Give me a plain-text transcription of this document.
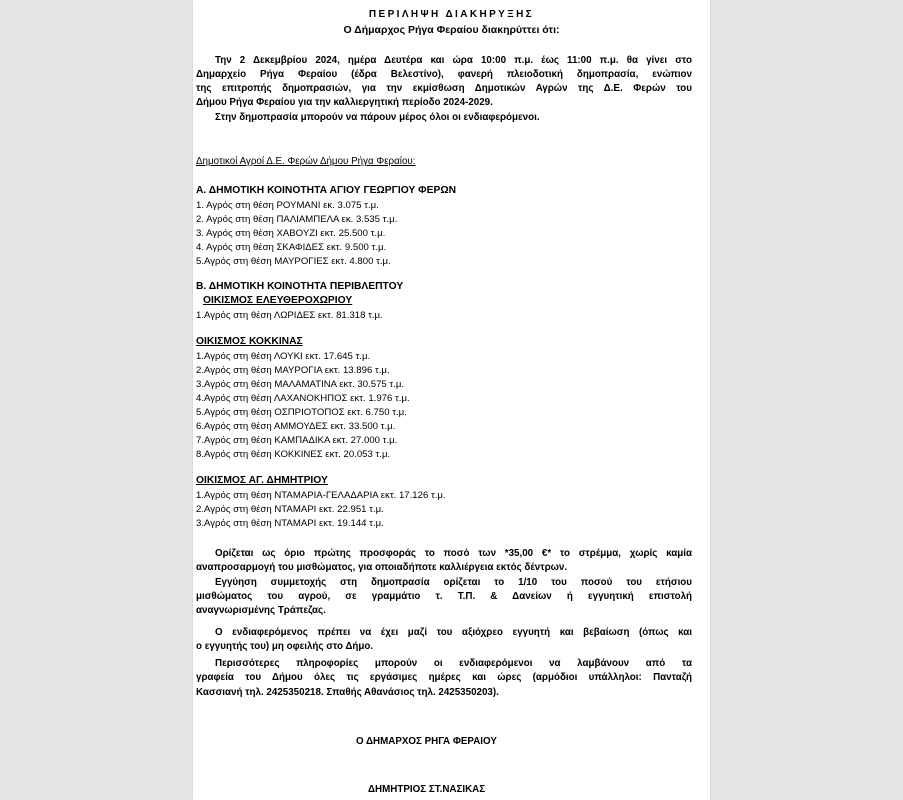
ΠΕΡΙΛΗΨΗ ΔΙΑΚΗΡΥΞΗΣ
Ο Δήμαρχος Ρήγα Φεραίου διακηρύττει ότι:
Την 2 Δεκεμβρίου 2024, ημέρα Δευτέρα και ώρα 10:00 π.μ. έως 11:00 π.μ. θα γίνει στο
Δημαρχείο Ρήγα Φεραίου (έδρα Βελεστίνο), φανερή πλειοδοτική δημοπρασία, ενώπιον
της επιτροπής δημοπρασιών, για την εκμίσθωση Δημοτικών Αγρών της Δ.Ε. Φερών του
Δήμου Ρήγα Φεραίου για την καλλιεργητική περίοδο 2024-2029.
Στην δημοπρασία μπορούν να πάρουν μέρος όλοι οι ενδιαφερόμενοι.
Δημοτικοί Αγροί Δ.Ε. Φερών Δήμου Ρήγα Φεραίου:
Α. ΔΗΜΟΤΙΚΗ ΚΟΙΝΟΤΗΤΑ ΑΓΙΟΥ ΓΕΩΡΓΙΟΥ ΦΕΡΩΝ
1. Αγρός στη θέση ΡΟΥΜΑΝΙ εκ. 3.075 τ.μ.
2. Αγρός στη θέση ΠΑΛΙΑΜΠΕΛΑ εκ. 3.535 τ.μ.
3. Αγρός στη θέση ΧΑΒΟΥΖΙ εκτ. 25.500 τ.μ.
4. Αγρός στη θέση ΣΚΑΦΙΔΕΣ εκτ. 9.500 τ.μ.
5.Αγρός στη θέση ΜΑΥΡΟΓΙΕΣ εκτ. 4.800 τ.μ.
Β. ΔΗΜΟΤΙΚΗ ΚΟΙΝΟΤΗΤΑ ΠΕΡΙΒΛΕΠΤΟΥ
ΟΙΚΙΣΜΟΣ ΕΛΕΥΘΕΡΟΧΩΡΙΟΥ
1.Αγρός στη θέση ΛΩΡΙΔΕΣ εκτ. 81.318 τ.μ.
ΟΙΚΙΣΜΟΣ ΚΟΚΚΙΝΑΣ
1.Αγρός στη θέση ΛΟΥΚΙ εκτ. 17.645 τ.μ.
2.Αγρός στη θέση ΜΑΥΡΟΓΙΑ εκτ. 13.896 τ.μ.
3.Αγρός στη θέση ΜΑΛΑΜΑΤΙΝΑ εκτ. 30.575 τ.μ.
4.Αγρός στη θέση ΛΑΧΑΝΟΚΗΠΟΣ εκτ. 1.976 τ.μ.
5.Αγρός στη θέση ΟΣΠΡΙΟΤΟΠΟΣ εκτ. 6.750 τ.μ.
6.Αγρός στη θέση ΑΜΜΟΥΔΕΣ εκτ. 33.500 τ.μ.
7.Αγρός στη θέση ΚΑΜΠΑΔΙΚΑ εκτ. 27.000 τ.μ.
8.Αγρός στη θέση ΚΟΚΚΙΝΕΣ εκτ. 20.053 τ.μ.
ΟΙΚΙΣΜΟΣ ΑΓ. ΔΗΜΗΤΡΙΟΥ
1.Αγρός στη θέση ΝΤΑΜΑΡΙΑ-ΓΕΛΑΔΑΡΙΑ εκτ. 17.126 τ.μ.
2.Αγρός στη θέση ΝΤΑΜΑΡΙ εκτ. 22.951 τ.μ.
3.Αγρός στη θέση ΝΤΑΜΑΡΙ εκτ. 19.144 τ.μ.
Ορίζεται ως όριο πρώτης προσφοράς το ποσό των *35,00 €* το στρέμμα, χωρίς καμία
αναπροσαρμογή του μισθώματος, για οποιαδήποτε καλλιέργεια εκτός δέντρων.
Εγγύηση συμμετοχής στη δημοπρασία ορίζεται το 1/10 του ποσού του ετήσιου
μισθώματος του αγρού, σε γραμμάτιο τ. Τ.Π. & Δανείων ή εγγυητική επιστολή
αναγνωρισμένης Τράπεζας.
Ο ενδιαφερόμενος πρέπει να έχει μαζί του αξιόχρεο εγγυητή και βεβαίωση (όπως και
ο εγγυητής του) μη οφειλής στο Δήμο.
Περισσότερες πληροφορίες μπορούν οι ενδιαφερόμενοι να λαμβάνουν από τα
γραφεία του Δήμου όλες τις εργάσιμες ημέρες και ώρες (αρμόδιοι υπάλληλοι: Πανταζή
Κασσιανή τηλ. 2425350218. Σπαθής Αθανάσιος τηλ. 2425350203).
Ο ΔΗΜΑΡΧΟΣ ΡΗΓΑ ΦΕΡΑΙΟΥ
ΔΗΜΗΤΡΙΟΣ ΣΤ.ΝΑΣΙΚΑΣ
